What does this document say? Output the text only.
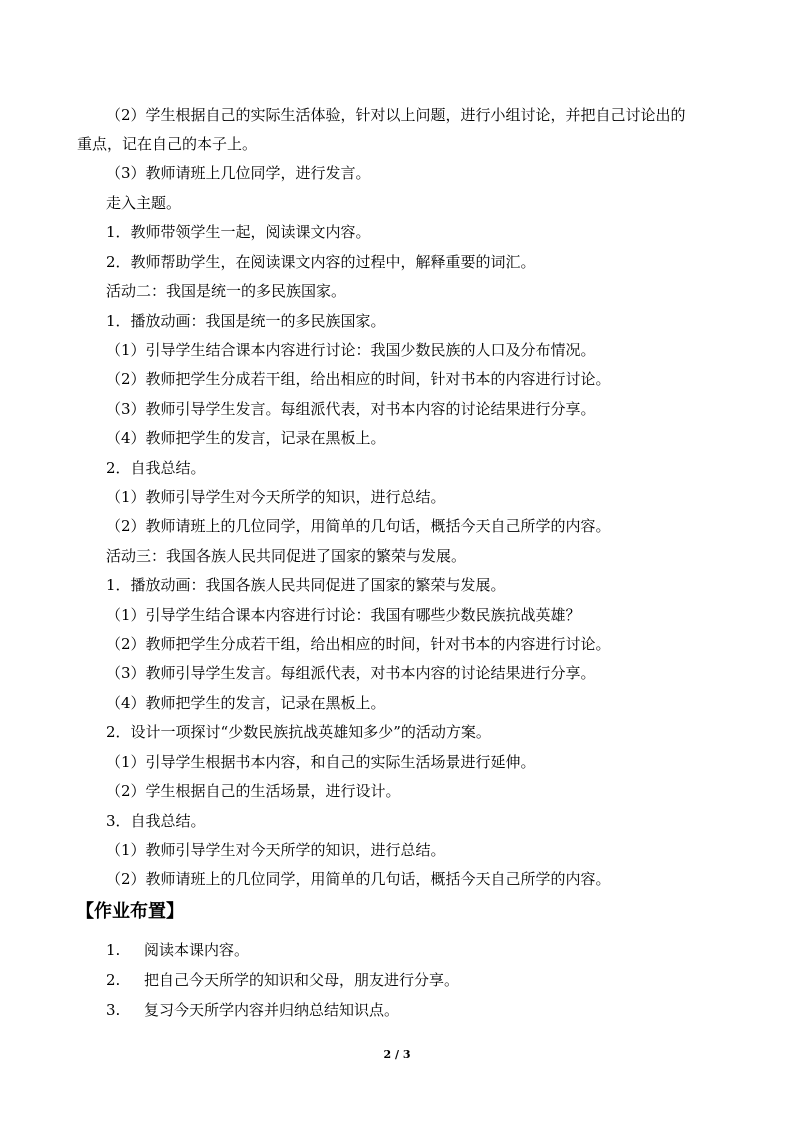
（2）学生根据自己的实际生活体验，针对以上问题，进行小组讨论，并把自己讨论出的
重点，记在自己的本子上。
（3）教师请班上几位同学，进行发言。
走入主题。
1．教师带领学生一起，阅读课文内容。
2．教师帮助学生，在阅读课文内容的过程中，解释重要的词汇。
活动二：我国是统一的多民族国家。
1．播放动画：我国是统一的多民族国家。
（1）引导学生结合课本内容进行讨论：我国少数民族的人口及分布情况。
（2）教师把学生分成若干组，给出相应的时间，针对书本的内容进行讨论。
（3）教师引导学生发言。每组派代表，对书本内容的讨论结果进行分享。
（4）教师把学生的发言，记录在黑板上。
2．自我总结。
（1）教师引导学生对今天所学的知识，进行总结。
（2）教师请班上的几位同学，用简单的几句话，概括今天自己所学的内容。
活动三：我国各族人民共同促进了国家的繁荣与发展。
1．播放动画：我国各族人民共同促进了国家的繁荣与发展。
（1）引导学生结合课本内容进行讨论：我国有哪些少数民族抗战英雄？
（2）教师把学生分成若干组，给出相应的时间，针对书本的内容进行讨论。
（3）教师引导学生发言。每组派代表，对书本内容的讨论结果进行分享。
（4）教师把学生的发言，记录在黑板上。
2．设计一项探讨“少数民族抗战英雄知多少”的活动方案。
（1）引导学生根据书本内容，和自己的实际生活场景进行延伸。
（2）学生根据自己的生活场景，进行设计。
3．自我总结。
（1）教师引导学生对今天所学的知识，进行总结。
（2）教师请班上的几位同学，用简单的几句话，概括今天自己所学的内容。
【作业布置】
1. 阅读本课内容。
2. 把自己今天所学的知识和父母，朋友进行分享。
3. 复习今天所学内容并归纳总结知识点。
2 / 3
